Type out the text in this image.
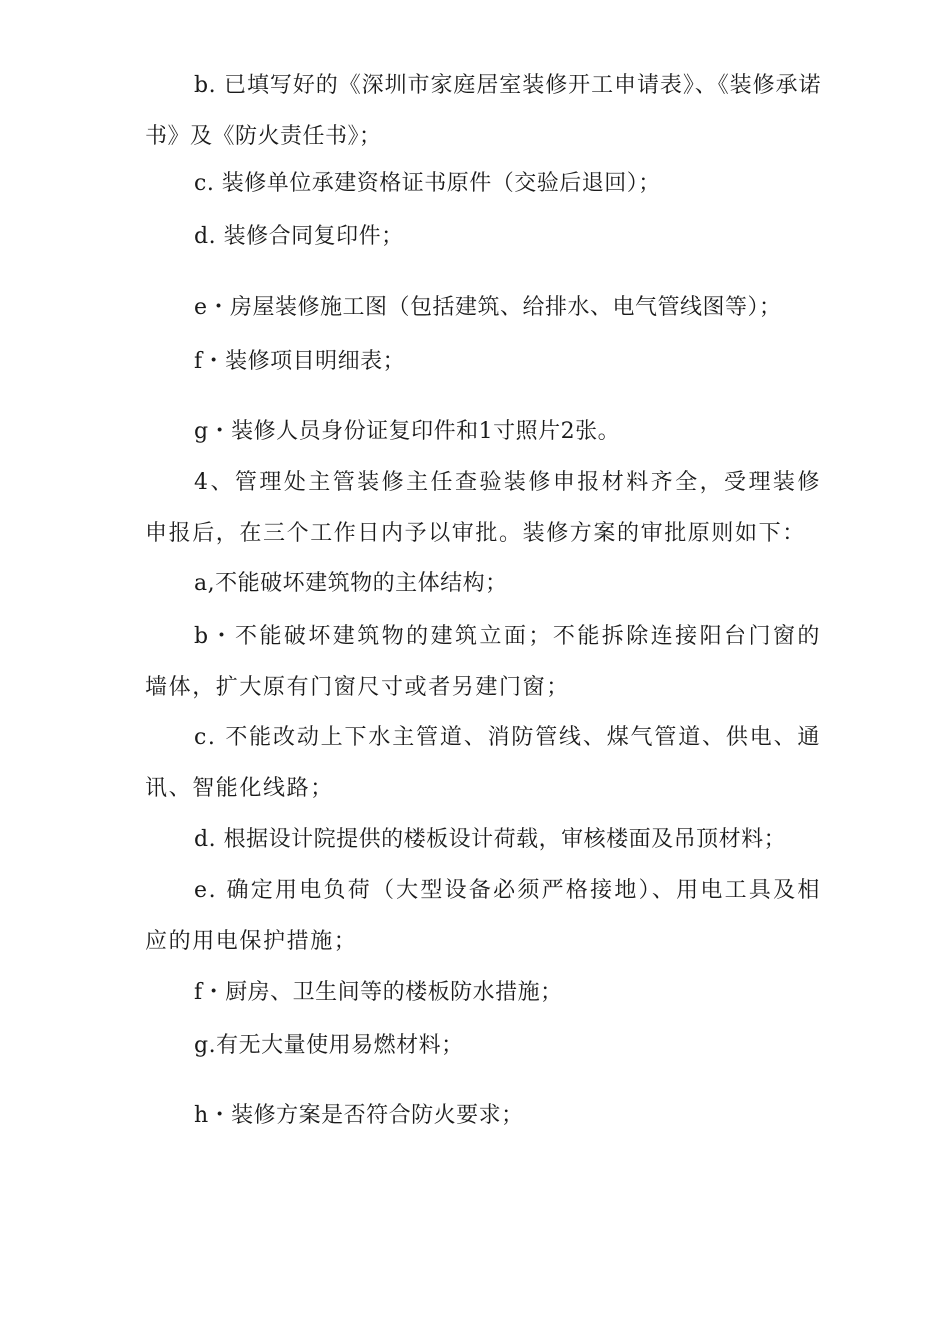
b. 已填写好的《深圳市家庭居室装修开工申请表》、《装修承诺书》及《防火责任书》；

c. 装修单位承建资格证书原件（交验后退回）；

d. 装修合同复印件；

e・房屋装修施工图（包括建筑、给排水、电气管线图等）；

f・装修项目明细表；

g・装修人员身份证复印件和1寸照片2张。

4、管理处主管装修主任查验装修申报材料齐全，受理装修申报后，在三个工作日内予以审批。装修方案的审批原则如下：

a,不能破坏建筑物的主体结构；

b・不能破坏建筑物的建筑立面；不能拆除连接阳台门窗的墙体，扩大原有门窗尺寸或者另建门窗；

c. 不能改动上下水主管道、消防管线、煤气管道、供电、通讯、智能化线路；

d. 根据设计院提供的楼板设计荷载，审核楼面及吊顶材料；

e. 确定用电负荷（大型设备必须严格接地）、用电工具及相应的用电保护措施；

f・厨房、卫生间等的楼板防水措施；

g.有无大量使用易燃材料；

h・装修方案是否符合防火要求；
